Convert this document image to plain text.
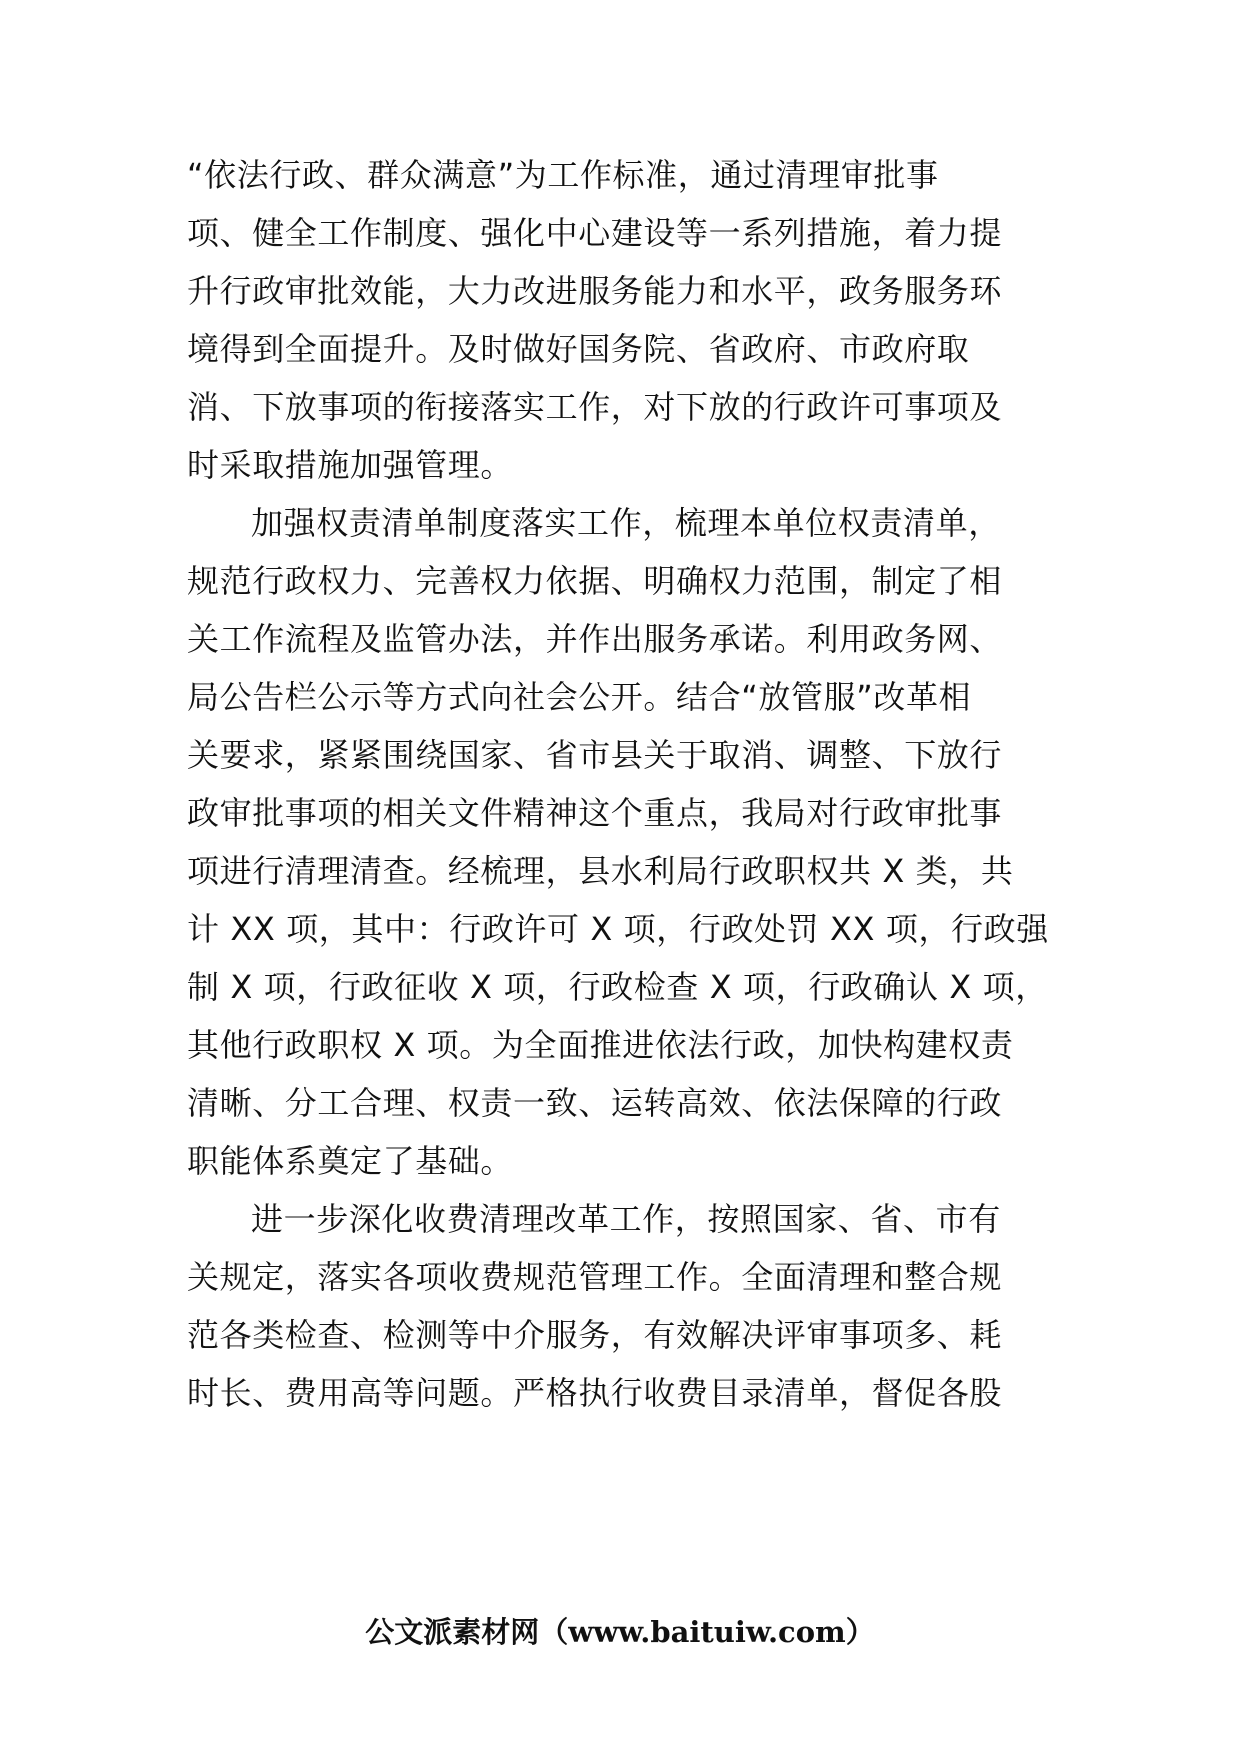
“依法行政、群众满意”为工作标准，通过清理审批事
项、健全工作制度、强化中心建设等一系列措施，着力提
升行政审批效能，大力改进服务能力和水平，政务服务环
境得到全面提升。及时做好国务院、省政府、市政府取
消、下放事项的衔接落实工作，对下放的行政许可事项及
时采取措施加强管理。
加强权责清单制度落实工作，梳理本单位权责清单，
规范行政权力、完善权力依据、明确权力范围，制定了相
关工作流程及监管办法，并作出服务承诺。利用政务网、
局公告栏公示等方式向社会公开。结合“放管服”改革相
关要求，紧紧围绕国家、省市县关于取消、调整、下放行
政审批事项的相关文件精神这个重点，我局对行政审批事
项进行清理清查。经梳理，县水利局行政职权共 X 类，共
计 XX 项，其中：行政许可 X 项，行政处罚 XX 项，行政强
制 X 项，行政征收 X 项，行政检查 X 项，行政确认 X 项，
其他行政职权 X 项。为全面推进依法行政，加快构建权责
清晰、分工合理、权责一致、运转高效、依法保障的行政
职能体系奠定了基础。
进一步深化收费清理改革工作，按照国家、省、市有
关规定，落实各项收费规范管理工作。全面清理和整合规
范各类检查、检测等中介服务，有效解决评审事项多、耗
时长、费用高等问题。严格执行收费目录清单，督促各股
公文派素材网（www.baituiw.com）
